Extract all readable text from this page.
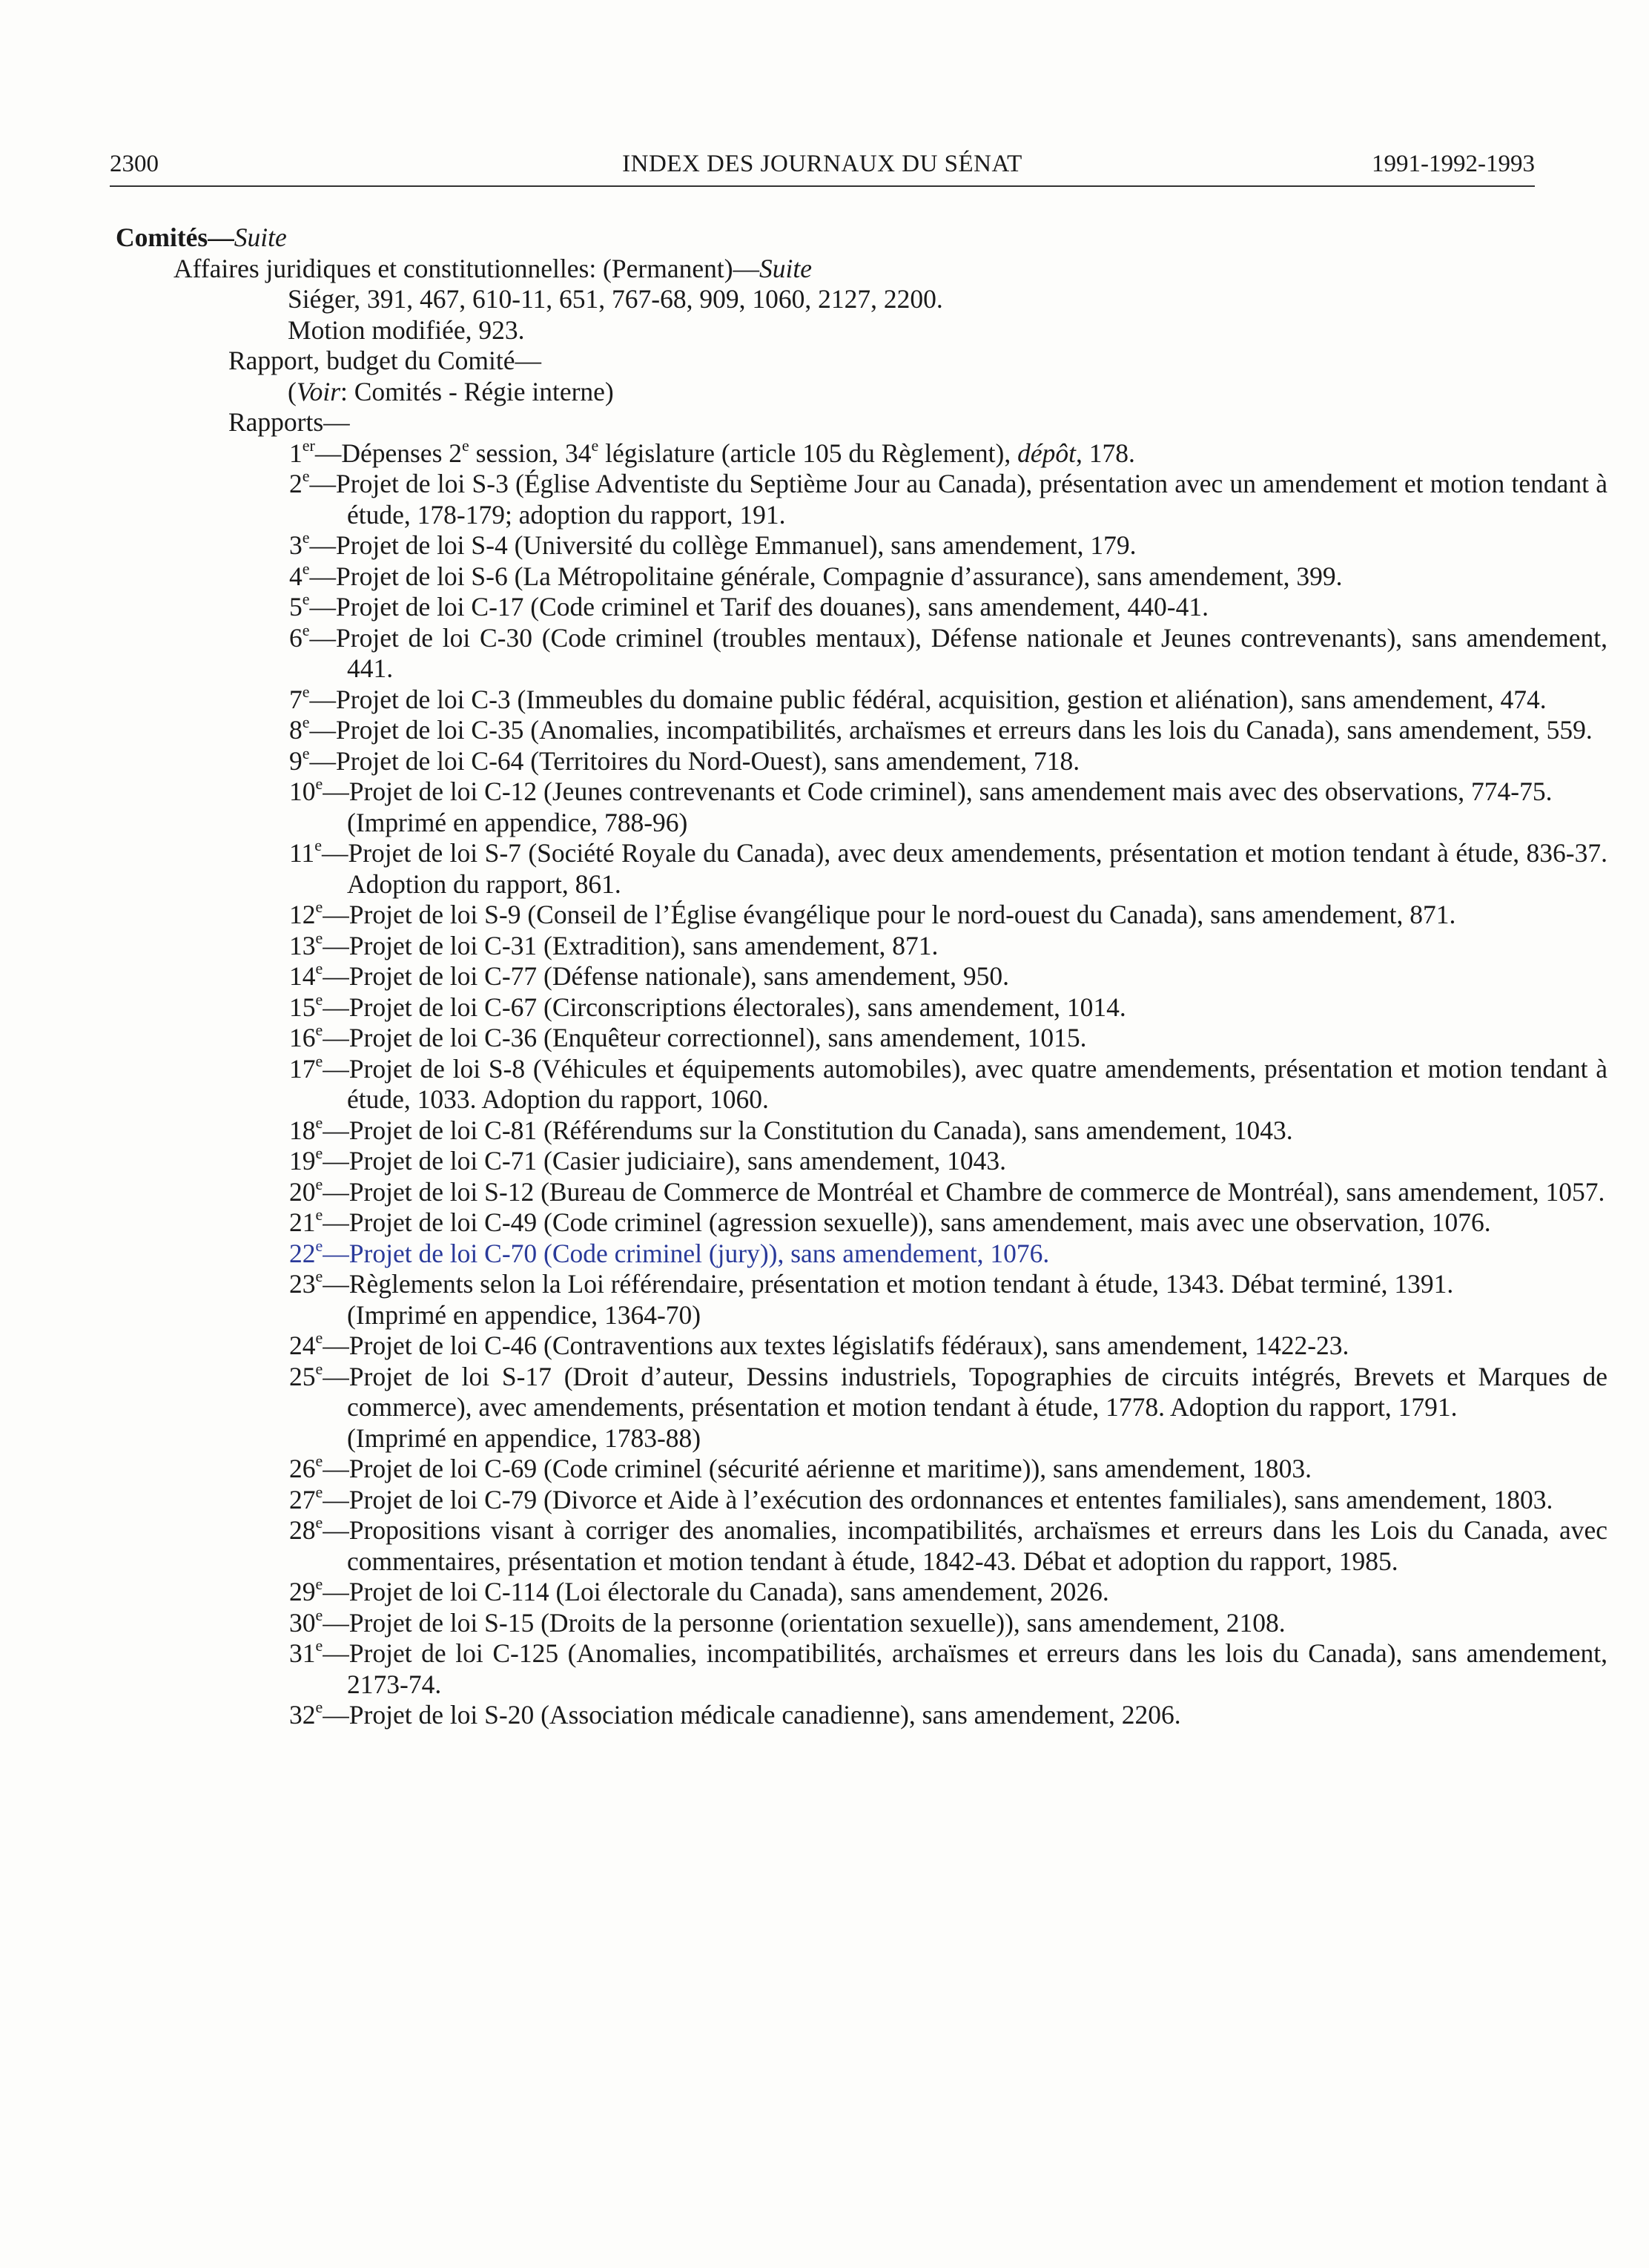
2300	INDEX DES JOURNAUX DU SÉNAT	1991-1992-1993
Comités—Suite
Affaires juridiques et constitutionnelles: (Permanent)—Suite
Siéger, 391, 467, 610-11, 651, 767-68, 909, 1060, 2127, 2200.
Motion modifiée, 923.
Rapport, budget du Comité—
(Voir: Comités - Régie interne)
Rapports—
1er—Dépenses 2e session, 34e législature (article 105 du Règlement), dépôt, 178.
2e—Projet de loi S-3 (Église Adventiste du Septième Jour au Canada), présentation avec un amendement et motion tendant à étude, 178-179; adoption du rapport, 191.
3e—Projet de loi S-4 (Université du collège Emmanuel), sans amendement, 179.
4e—Projet de loi S-6 (La Métropolitaine générale, Compagnie d’assurance), sans amendement, 399.
5e—Projet de loi C-17 (Code criminel et Tarif des douanes), sans amendement, 440-41.
6e—Projet de loi C-30 (Code criminel (troubles mentaux), Défense nationale et Jeunes contrevenants), sans amendement, 441.
7e—Projet de loi C-3 (Immeubles du domaine public fédéral, acquisition, gestion et aliénation), sans amendement, 474.
8e—Projet de loi C-35 (Anomalies, incompatibilités, archaïsmes et erreurs dans les lois du Canada), sans amendement, 559.
9e—Projet de loi C-64 (Territoires du Nord-Ouest), sans amendement, 718.
10e—Projet de loi C-12 (Jeunes contrevenants et Code criminel), sans amendement mais avec des observations, 774-75.
(Imprimé en appendice, 788-96)
11e—Projet de loi S-7 (Société Royale du Canada), avec deux amendements, présentation et motion tendant à étude, 836-37. Adoption du rapport, 861.
12e—Projet de loi S-9 (Conseil de l’Église évangélique pour le nord-ouest du Canada), sans amendement, 871.
13e—Projet de loi C-31 (Extradition), sans amendement, 871.
14e—Projet de loi C-77 (Défense nationale), sans amendement, 950.
15e—Projet de loi C-67 (Circonscriptions électorales), sans amendement, 1014.
16e—Projet de loi C-36 (Enquêteur correctionnel), sans amendement, 1015.
17e—Projet de loi S-8 (Véhicules et équipements automobiles), avec quatre amendements, présentation et motion tendant à étude, 1033. Adoption du rapport, 1060.
18e—Projet de loi C-81 (Référendums sur la Constitution du Canada), sans amendement, 1043.
19e—Projet de loi C-71 (Casier judiciaire), sans amendement, 1043.
20e—Projet de loi S-12 (Bureau de Commerce de Montréal et Chambre de commerce de Montréal), sans amendement, 1057.
21e—Projet de loi C-49 (Code criminel (agression sexuelle)), sans amendement, mais avec une observation, 1076.
22e—Projet de loi C-70 (Code criminel (jury)), sans amendement, 1076.
23e—Règlements selon la Loi référendaire, présentation et motion tendant à étude, 1343. Débat terminé, 1391.
(Imprimé en appendice, 1364-70)
24e—Projet de loi C-46 (Contraventions aux textes législatifs fédéraux), sans amendement, 1422-23.
25e—Projet de loi S-17 (Droit d’auteur, Dessins industriels, Topographies de circuits intégrés, Brevets et Marques de commerce), avec amendements, présentation et motion tendant à étude, 1778. Adoption du rapport, 1791.
(Imprimé en appendice, 1783-88)
26e—Projet de loi C-69 (Code criminel (sécurité aérienne et maritime)), sans amendement, 1803.
27e—Projet de loi C-79 (Divorce et Aide à l’exécution des ordonnances et ententes familiales), sans amendement, 1803.
28e—Propositions visant à corriger des anomalies, incompatibilités, archaïsmes et erreurs dans les Lois du Canada, avec commentaires, présentation et motion tendant à étude, 1842-43. Débat et adoption du rapport, 1985.
29e—Projet de loi C-114 (Loi électorale du Canada), sans amendement, 2026.
30e—Projet de loi S-15 (Droits de la personne (orientation sexuelle)), sans amendement, 2108.
31e—Projet de loi C-125 (Anomalies, incompatibilités, archaïsmes et erreurs dans les lois du Canada), sans amendement, 2173-74.
32e—Projet de loi S-20 (Association médicale canadienne), sans amendement, 2206.
